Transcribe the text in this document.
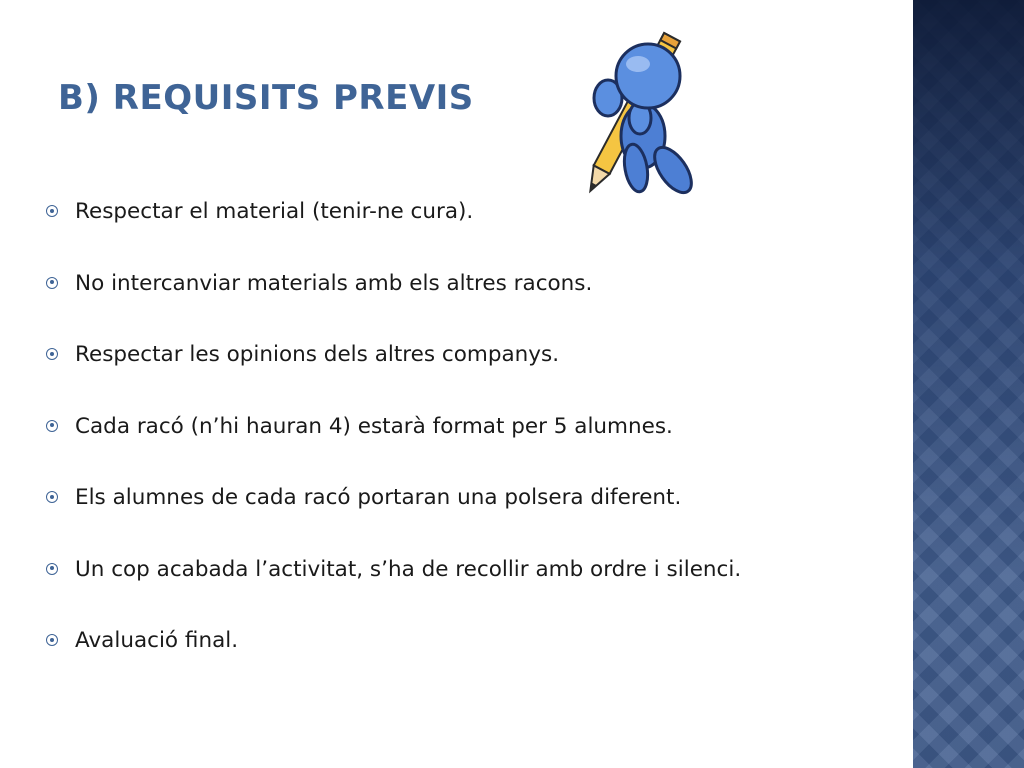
B) REQUISITS PREVIS
Respectar el material (tenir-ne cura).
No intercanviar materials amb els altres racons.
Respectar les opinions dels altres companys.
Cada racó (n’hi hauran 4) estarà format per 5 alumnes.
Els alumnes de cada racó portaran una polsera diferent.
Un cop acabada l’activitat, s’ha de recollir amb ordre i silenci.
Avaluació final.
